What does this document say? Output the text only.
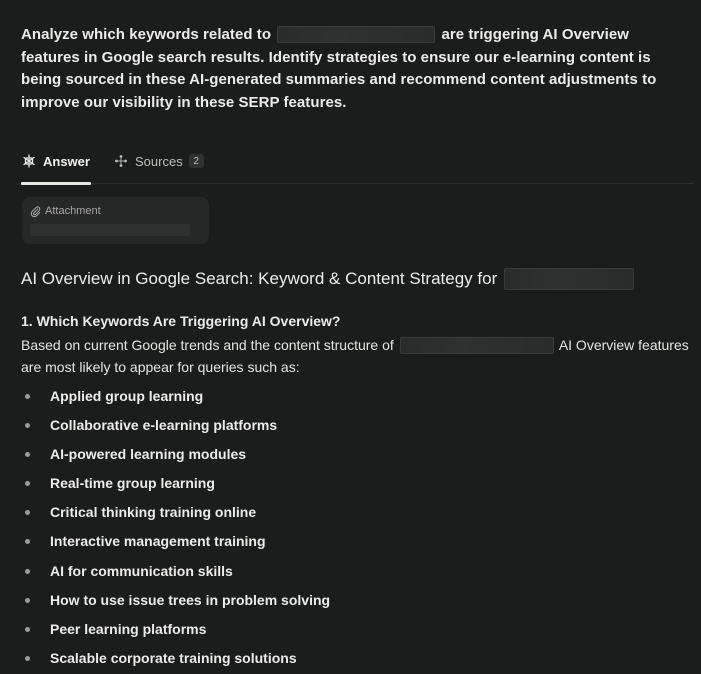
Analyze which keywords related to	are triggering AI Overview features in Google search results. Identify strategies to ensure our e-learning content is being sourced in these AI-generated summaries and recommend content adjustments to improve our visibility in these SERP features.
Answer	Sources	2
Attachment
AI Overview in Google Search: Keyword & Content Strategy for
1. Which Keywords Are Triggering AI Overview?
Based on current Google trends and the content structure of	AI Overview features are most likely to appear for queries such as:
Applied group learning
Collaborative e-learning platforms
AI-powered learning modules
Real-time group learning
Critical thinking training online
Interactive management training
AI for communication skills
How to use issue trees in problem solving
Peer learning platforms
Scalable corporate training solutions
